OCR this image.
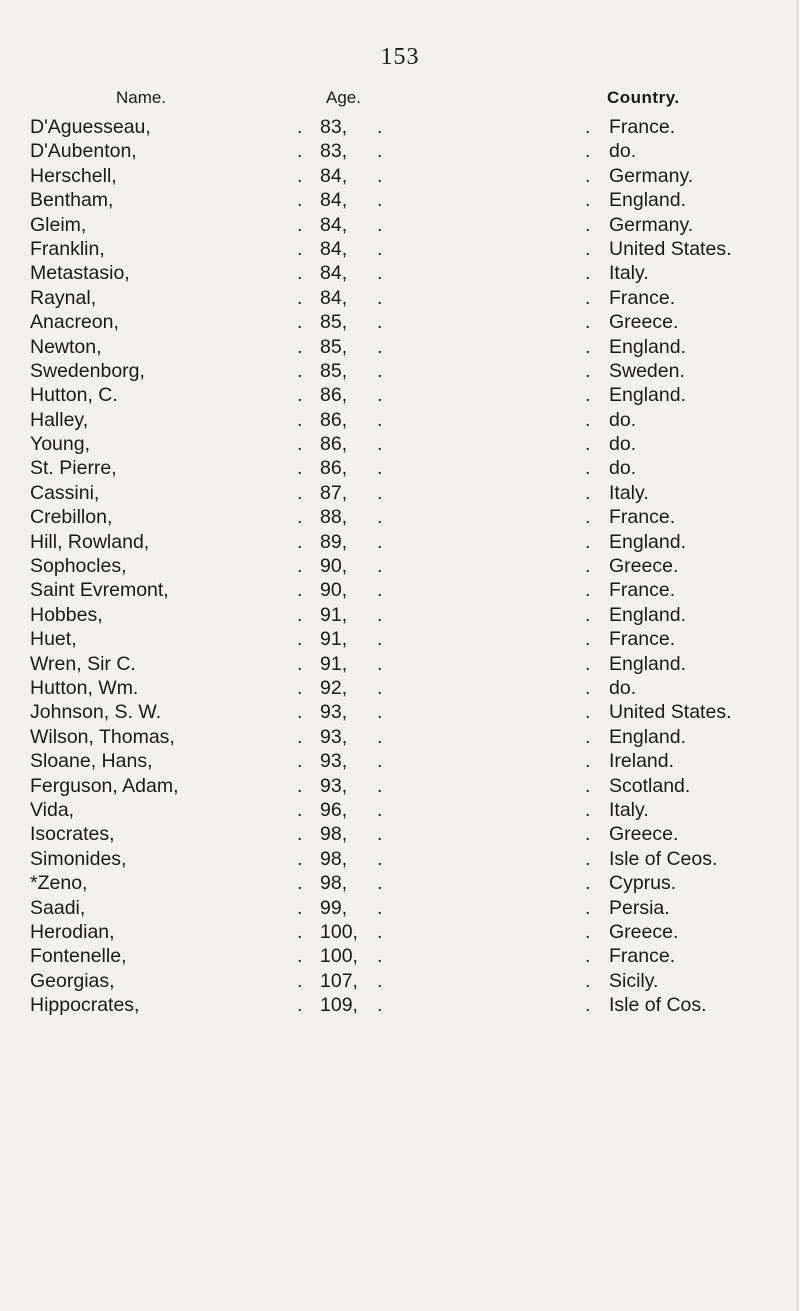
153
Name.	Age.	Country.
.	.	.
D'Aguesseau,	83,	France.
.	.	.
D'Aubenton,	83,	do.
.	.	.
Herschell,	84,	Germany.
.	.	.
Bentham,	84,	England.
.	.	.
Gleim,	84,	Germany.
.	.	.
Franklin,	84,	United States.
.	.	.
Metastasio,	84,	Italy.
.	.	.
Raynal,	84,	France.
.	.	.
Anacreon,	85,	Greece.
.	.	.
Newton,	85,	England.
.	.	.
Swedenborg,	85,	Sweden.
.	.	.
Hutton, C.	86,	England.
.	.	.
Halley,	86,	do.
.	.	.
Young,	86,	do.
.	.	.
St. Pierre,	86,	do.
.	.	.
Cassini,	87,	Italy.
.	.	.
Crebillon,	88,	France.
.	.	.
Hill, Rowland,	89,	England.
.	.	.
Sophocles,	90,	Greece.
.	.	.
Saint Evremont,	90,	France.
.	.	.
Hobbes,	91,	England.
.	.	.
Huet,	91,	France.
.	.	.
Wren, Sir C.	91,	England.
.	.	.
Hutton, Wm.	92,	do.
.	.	.
Johnson, S. W.	93,	United States.
.	.	.
Wilson, Thomas,	93,	England.
.	.	.
Sloane, Hans,	93,	Ireland.
.	.	.
Ferguson, Adam,	93,	Scotland.
.	.	.
Vida,	96,	Italy.
.	.	.
Isocrates,	98,	Greece.
.	.	.
Simonides,	98,	Isle of Ceos.
.	.	.
*Zeno,	98,	Cyprus.
.	.	.
Saadi,	99,	Persia.
.	.	.
Herodian,	100,	Greece.
.	.	.
Fontenelle,	100,	France.
.	.	.
Georgias,	107,	Sicily.
.	.	.
Hippocrates,	109,	Isle of Cos.
